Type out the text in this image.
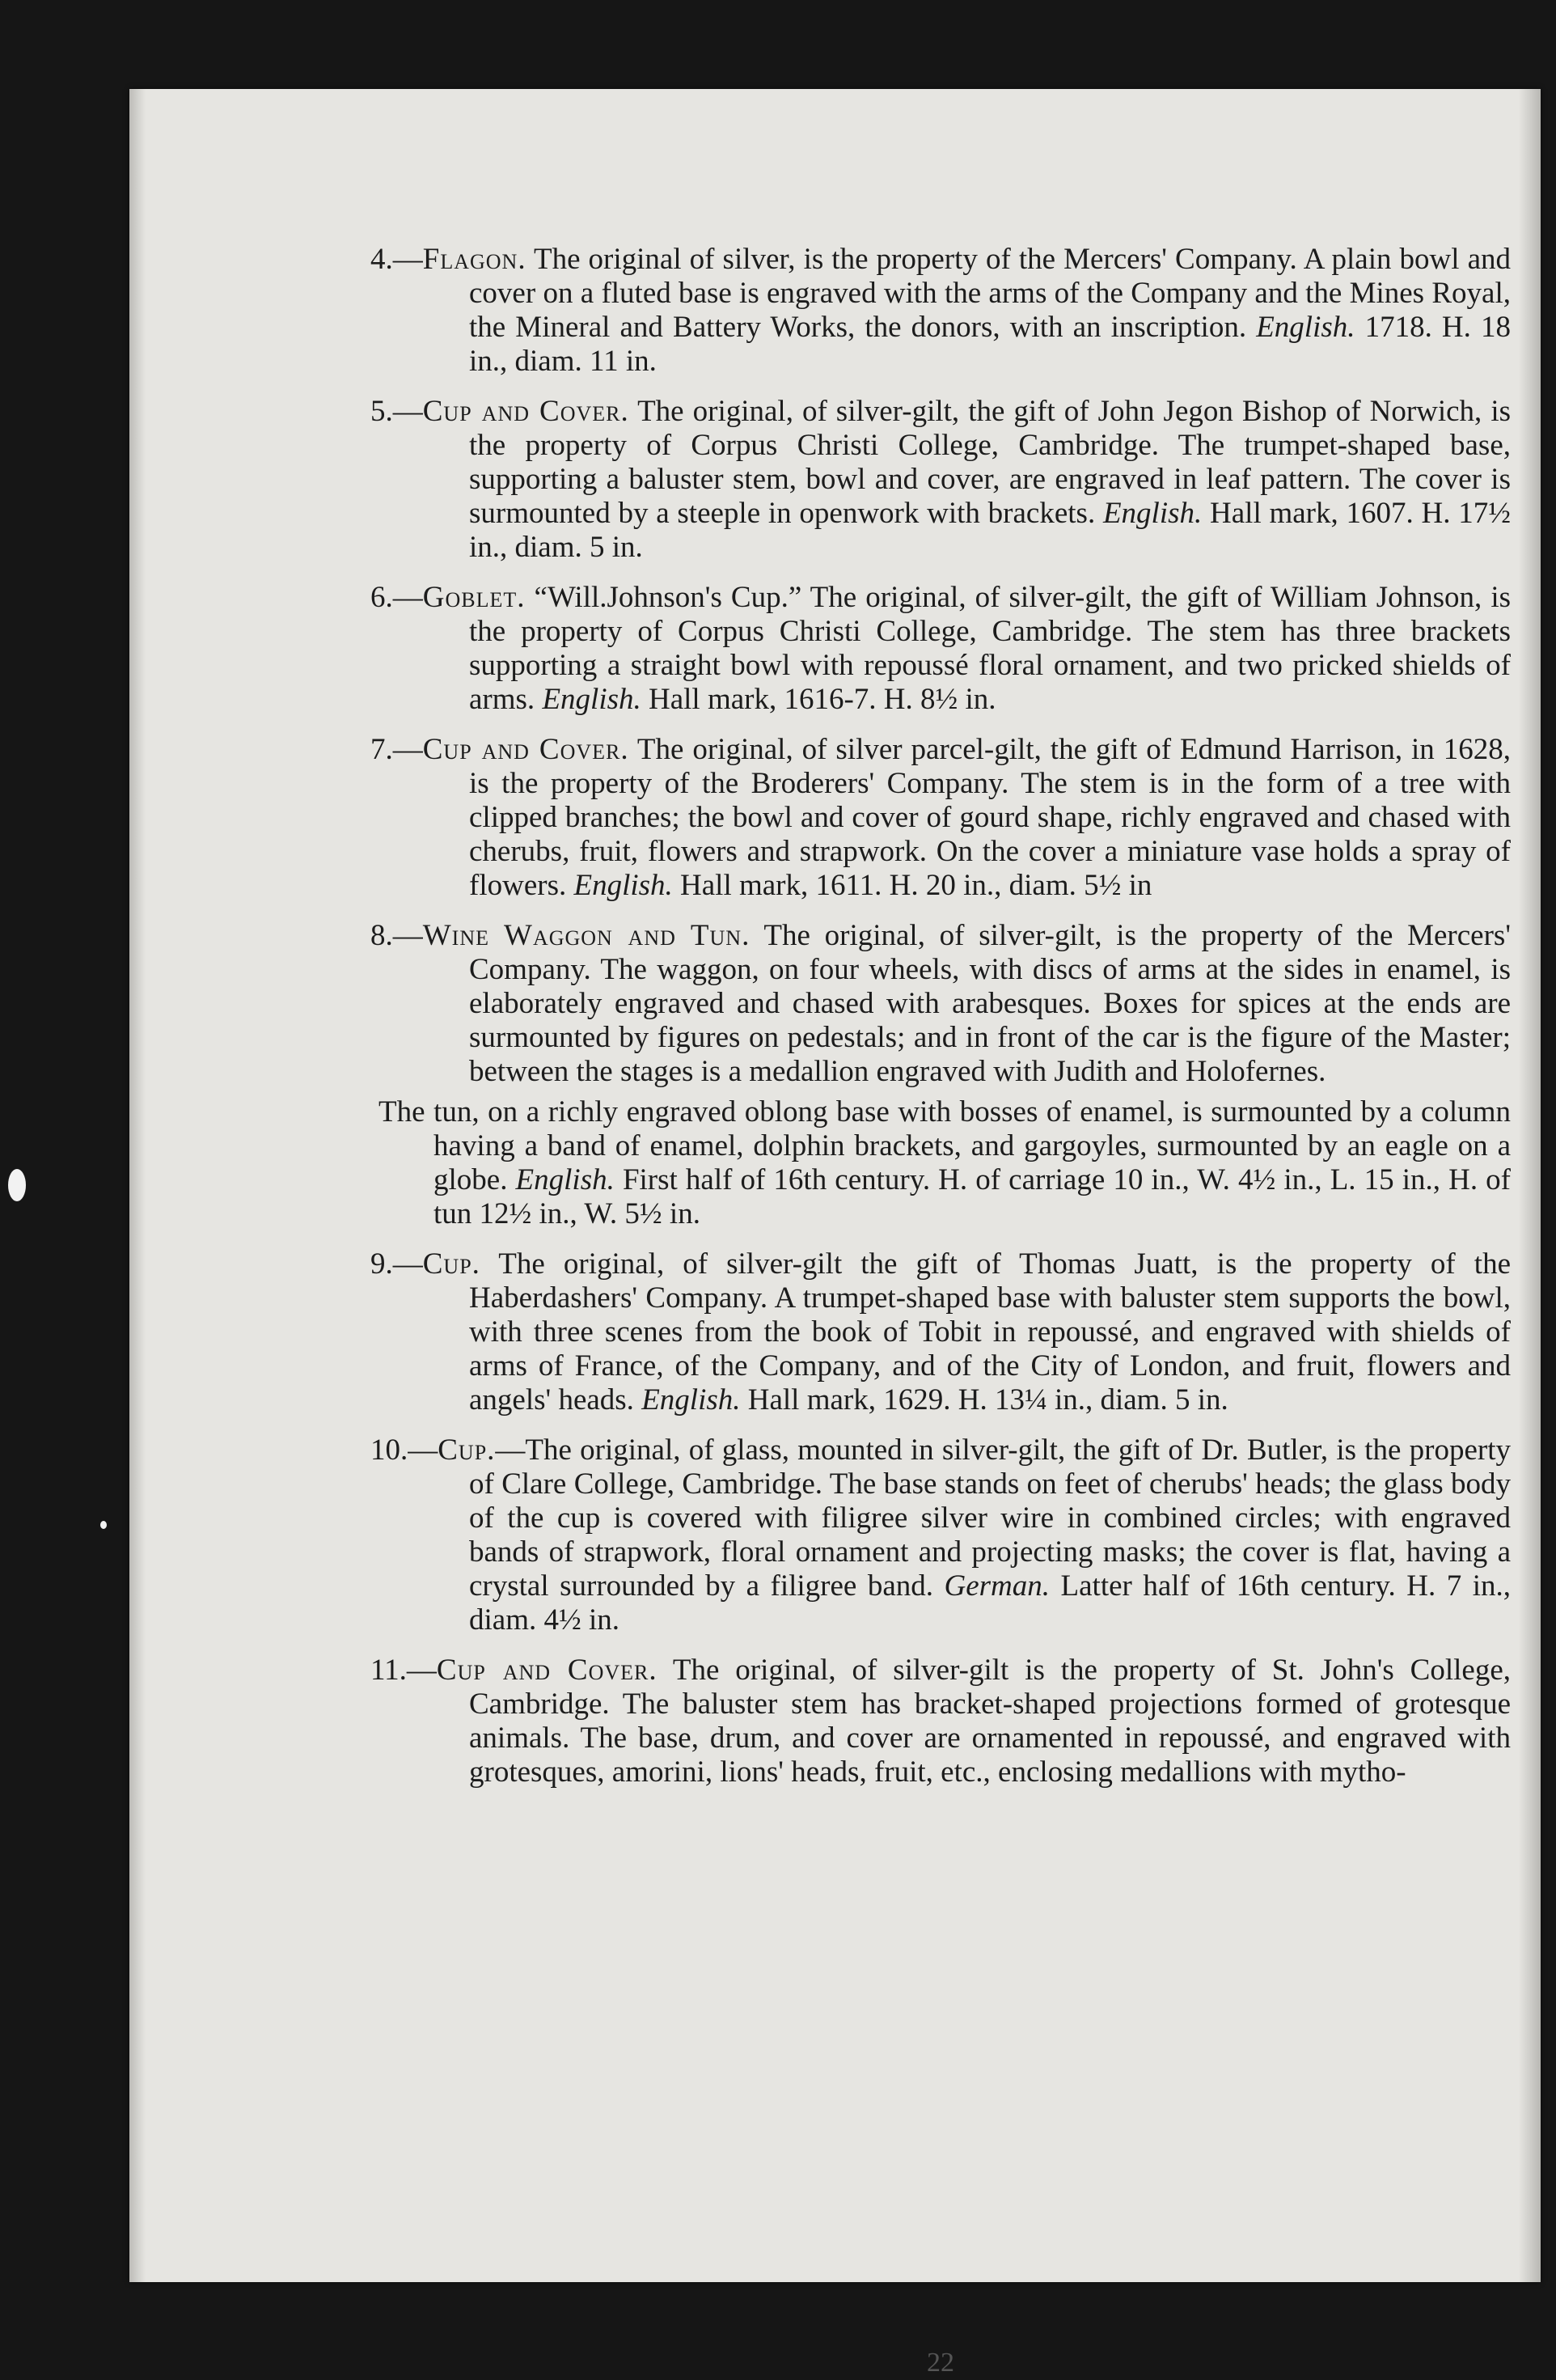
4.—Flagon. The original of silver, is the property of the Mercers' Company. A plain bowl and cover on a fluted base is engraved with the arms of the Company and the Mines Royal, the Mineral and Battery Works, the donors, with an inscription. English. 1718. H. 18 in., diam. 11 in.

5.—Cup and Cover. The original, of silver-gilt, the gift of John Jegon Bishop of Norwich, is the property of Corpus Christi College, Cambridge. The trumpet-shaped base, supporting a baluster stem, bowl and cover, are engraved in leaf pattern. The cover is surmounted by a steeple in openwork with brackets. English. Hall mark, 1607. H. 17½ in., diam. 5 in.

6.—Goblet. “Will.Johnson's Cup.” The original, of silver-gilt, the gift of William Johnson, is the property of Corpus Christi College, Cambridge. The stem has three brackets supporting a straight bowl with repoussé floral ornament, and two pricked shields of arms. English. Hall mark, 1616-7. H. 8½ in.

7.—Cup and Cover. The original, of silver parcel-gilt, the gift of Edmund Harrison, in 1628, is the property of the Broderers' Company. The stem is in the form of a tree with clipped branches; the bowl and cover of gourd shape, richly engraved and chased with cherubs, fruit, flowers and strapwork. On the cover a miniature vase holds a spray of flowers. English. Hall mark, 1611. H. 20 in., diam. 5½ in

8.—Wine Waggon and Tun. The original, of silver-gilt, is the property of the Mercers' Company. The waggon, on four wheels, with discs of arms at the sides in enamel, is elaborately engraved and chased with arabesques. Boxes for spices at the ends are surmounted by figures on pedestals; and in front of the car is the figure of the Master; between the stages is a medallion engraved with Judith and Holofernes.

The tun, on a richly engraved oblong base with bosses of enamel, is surmounted by a column having a band of enamel, dolphin brackets, and gargoyles, surmounted by an eagle on a globe. English. First half of 16th century. H. of carriage 10 in., W. 4½ in., L. 15 in., H. of tun 12½ in., W. 5½ in.

9.—Cup. The original, of silver-gilt the gift of Thomas Juatt, is the property of the Haberdashers' Company. A trumpet-shaped base with baluster stem supports the bowl, with three scenes from the book of Tobit in repoussé, and engraved with shields of arms of France, of the Company, and of the City of London, and fruit, flowers and angels' heads. English. Hall mark, 1629. H. 13¼ in., diam. 5 in.

10.—Cup.—The original, of glass, mounted in silver-gilt, the gift of Dr. Butler, is the property of Clare College, Cambridge. The base stands on feet of cherubs' heads; the glass body of the cup is covered with filigree silver wire in combined circles; with engraved bands of strapwork, floral ornament and projecting masks; the cover is flat, having a crystal surrounded by a filigree band. German. Latter half of 16th century. H. 7 in., diam. 4½ in.

11.—Cup and Cover. The original, of silver-gilt is the property of St. John's College, Cambridge. The baluster stem has bracket-shaped projections formed of grotesque animals. The base, drum, and cover are ornamented in repoussé, and engraved with grotesques, amorini, lions' heads, fruit, etc., enclosing medallions with mytho-

22
